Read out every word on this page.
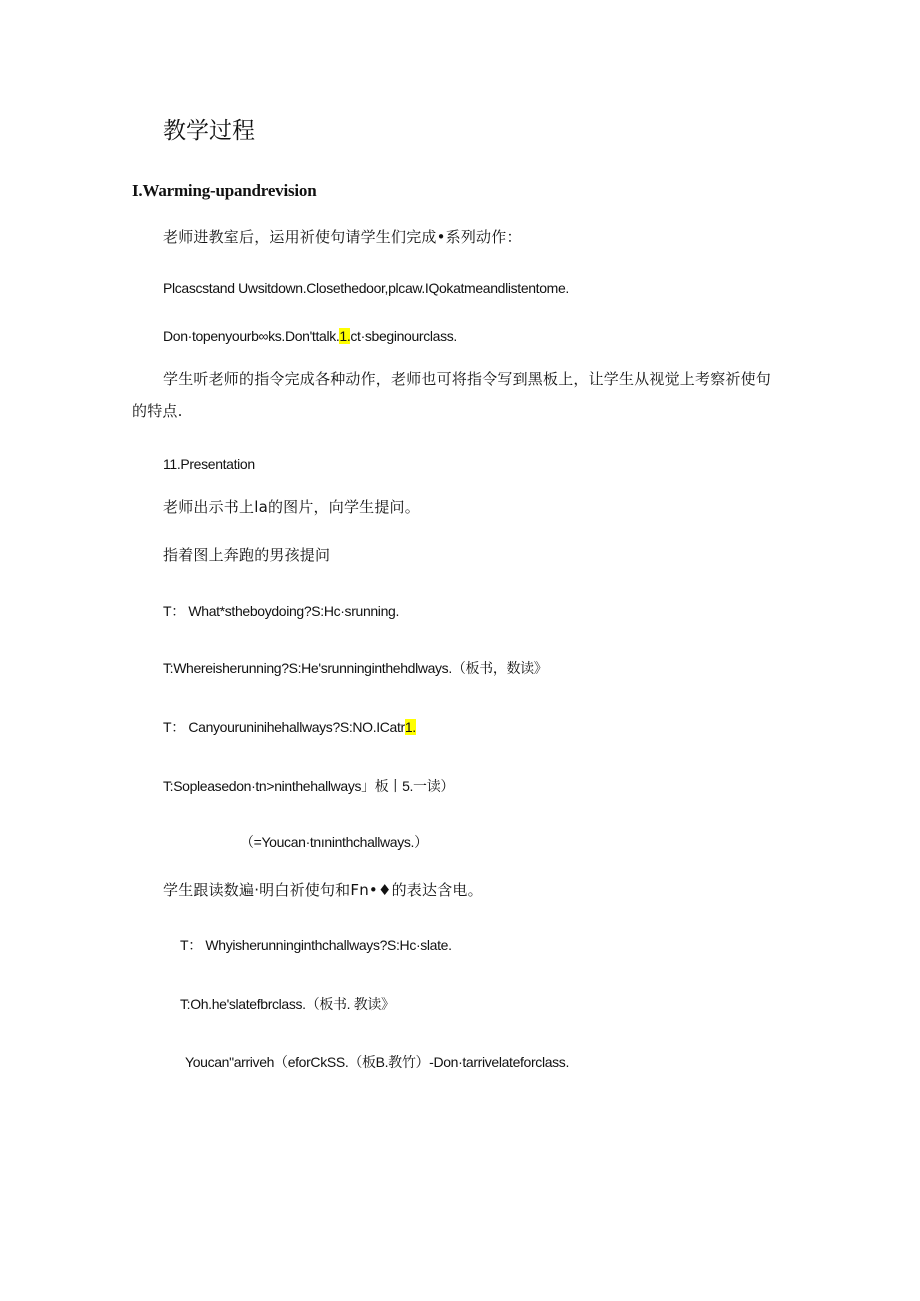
教学过程
I.Warming-upandrevision
老师进教室后，运用祈使句请学生们完成•系列动作：
Plcascstand Uwsitdown.Closethedoor,plcaw.IQokatmeandlistentome.
Don·topenyourb∞ks.Don'ttalk.1.ct·sbeginourclass.
学生听老师的指令完成各种动作，老师也可将指令写到黑板上，让学生从视觉上考察祈使句
的特点.
11.Presentation
老师出示书上la的图片，向学生提问。
指着图上奔跑的男孩提问
T： What*stheboydoing?S:Hc·srunning.
T:Whereisherunning?S:He'srunninginthehdlways.（板书，数读》
T： Canyouruninihehallways?S:NO.ICatr1.
T:Sopleasedon·tn>ninthehallways」板丨5.一读）
（=Youcan·tnıninthchallways.）
学生跟读数遍·明白祈使句和Fn•♦的表达含电。
T： Whyisherunninginthchallways?S:Hc·slate.
T:Oh.he'slatefbrclass.（板书. 教读》
Youcan"arriveh（eforCkSS.（板B.教竹）-Don·tarrivelateforclass.
